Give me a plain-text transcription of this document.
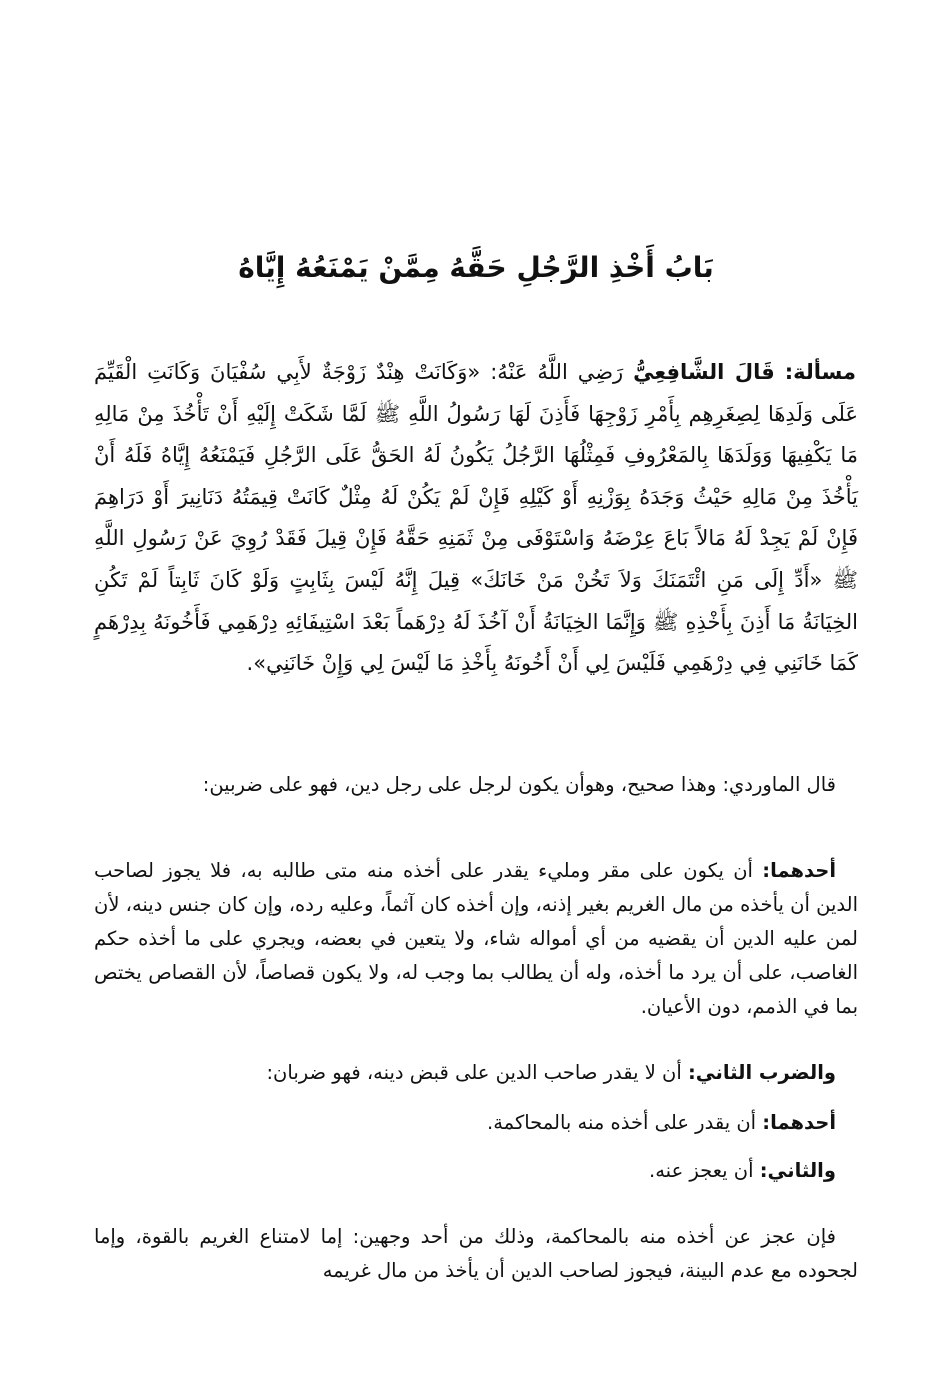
بَابُ أَخْذِ الرَّجُلِ حَقَّهُ مِمَّنْ يَمْنَعُهُ إِيَّاهُ

مسألة: قَالَ الشَّافِعِيُّ رَضِي اللَّهُ عَنْهُ: «وَكَانَتْ هِنْدٌ زَوْجَةٌ لأَبِي سُفْيَانَ وَكَانَتِ الْقَيِّمَ عَلَى وَلَدِهَا لِصِغَرِهِم بِأَمْرِ زَوْجِهَا فَأَذِنَ لَهَا رَسُولُ اللَّهِ ﷺ لَمَّا شَكَتْ إِلَيْهِ أَنْ تَأْخُذَ مِنْ مَالِهِ مَا يَكْفِيهَا وَوَلَدَهَا بِالمَعْرُوفِ فَمِثْلُهَا الرَّجُلُ يَكُونُ لَهُ الحَقُّ عَلَى الرَّجُلِ فَيَمْنَعُهُ إِيَّاهُ فَلَهُ أَنْ يَأْخُذَ مِنْ مَالِهِ حَيْثُ وَجَدَهُ بِوَزْنِهِ أَوْ كَيْلِهِ فَإِنْ لَمْ يَكُنْ لَهُ مِثْلٌ كَانَتْ قِيمَتُهُ دَنَانِيرَ أَوْ دَرَاهِمَ فَإِنْ لَمْ يَجِدْ لَهُ مَالاً بَاعَ عِرْضَهُ وَاسْتَوْفَى مِنْ ثَمَنِهِ حَقَّهُ فَإِنْ قِيلَ فَقَدْ رُوِيَ عَنْ رَسُولِ اللَّهِ ﷺ «أَدِّ إِلَى مَنِ ائْتَمَنَكَ وَلاَ تَخُنْ مَنْ خَانَكَ» قِيلَ إِنَّهُ لَيْسَ بِثَابِتٍ وَلَوْ كَانَ ثَابِتاً لَمْ تَكُنِ الخِيَانَةُ مَا أَذِنَ بِأَخْذِهِ ﷺ وَإِنَّمَا الخِيَانَةُ أَنْ آخُذَ لَهُ دِرْهَماً بَعْدَ اسْتِيفَائِهِ دِرْهَمِي فَأَخُونَهُ بِدِرْهَمٍ كَمَا خَانَنِي فِي دِرْهَمِي فَلَيْسَ لِي أَنْ أَخُونَهُ بِأَخْذِ مَا لَيْسَ لِي وَإِنْ خَانَنِي».

قال الماوردي: وهذا صحيح، وهوأن يكون لرجل على رجل دين، فهو على ضربين:

أحدهما: أن يكون على مقر ومليء يقدر على أخذه منه متى طالبه به، فلا يجوز لصاحب الدين أن يأخذه من مال الغريم بغير إذنه، وإن أخذه كان آثماً، وعليه رده، وإن كان جنس دينه، لأن لمن عليه الدين أن يقضيه من أي أمواله شاء، ولا يتعين في بعضه، ويجري على ما أخذه حكم الغاصب، على أن يرد ما أخذه، وله أن يطالب بما وجب له، ولا يكون قصاصاً، لأن القصاص يختص بما في الذمم، دون الأعيان.

والضرب الثاني: أن لا يقدر صاحب الدين على قبض دينه، فهو ضربان:

أحدهما: أن يقدر على أخذه منه بالمحاكمة.

والثاني: أن يعجز عنه.

فإن عجز عن أخذه منه بالمحاكمة، وذلك من أحد وجهين: إما لامتناع الغريم بالقوة، وإما لجحوده مع عدم البينة، فيجوز لصاحب الدين أن يأخذ من مال غريمه
